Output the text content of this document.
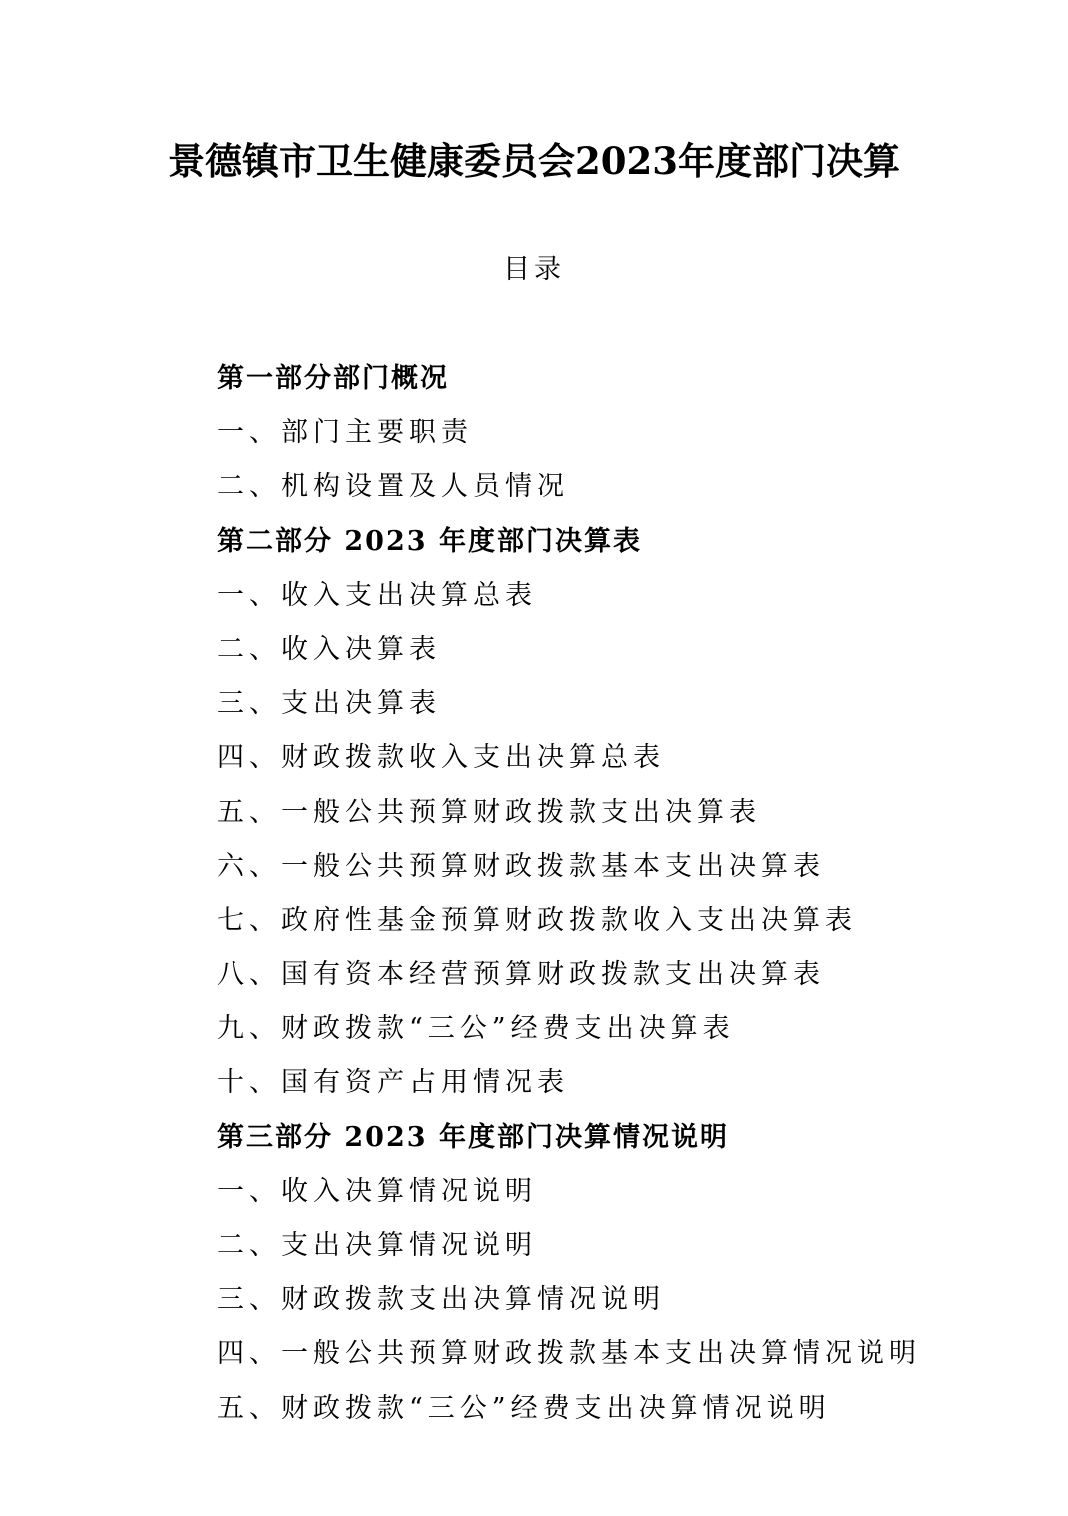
景德镇市卫生健康委员会2023年度部门决算
目录
第一部分部门概况
一、部门主要职责
二、机构设置及人员情况
第二部分 2023 年度部门决算表
一、收入支出决算总表
二、收入决算表
三、支出决算表
四、财政拨款收入支出决算总表
五、一般公共预算财政拨款支出决算表
六、一般公共预算财政拨款基本支出决算表
七、政府性基金预算财政拨款收入支出决算表
八、国有资本经营预算财政拨款支出决算表
九、财政拨款“三公”经费支出决算表
十、国有资产占用情况表
第三部分 2023 年度部门决算情况说明
一、收入决算情况说明
二、支出决算情况说明
三、财政拨款支出决算情况说明
四、一般公共预算财政拨款基本支出决算情况说明
五、财政拨款“三公”经费支出决算情况说明
